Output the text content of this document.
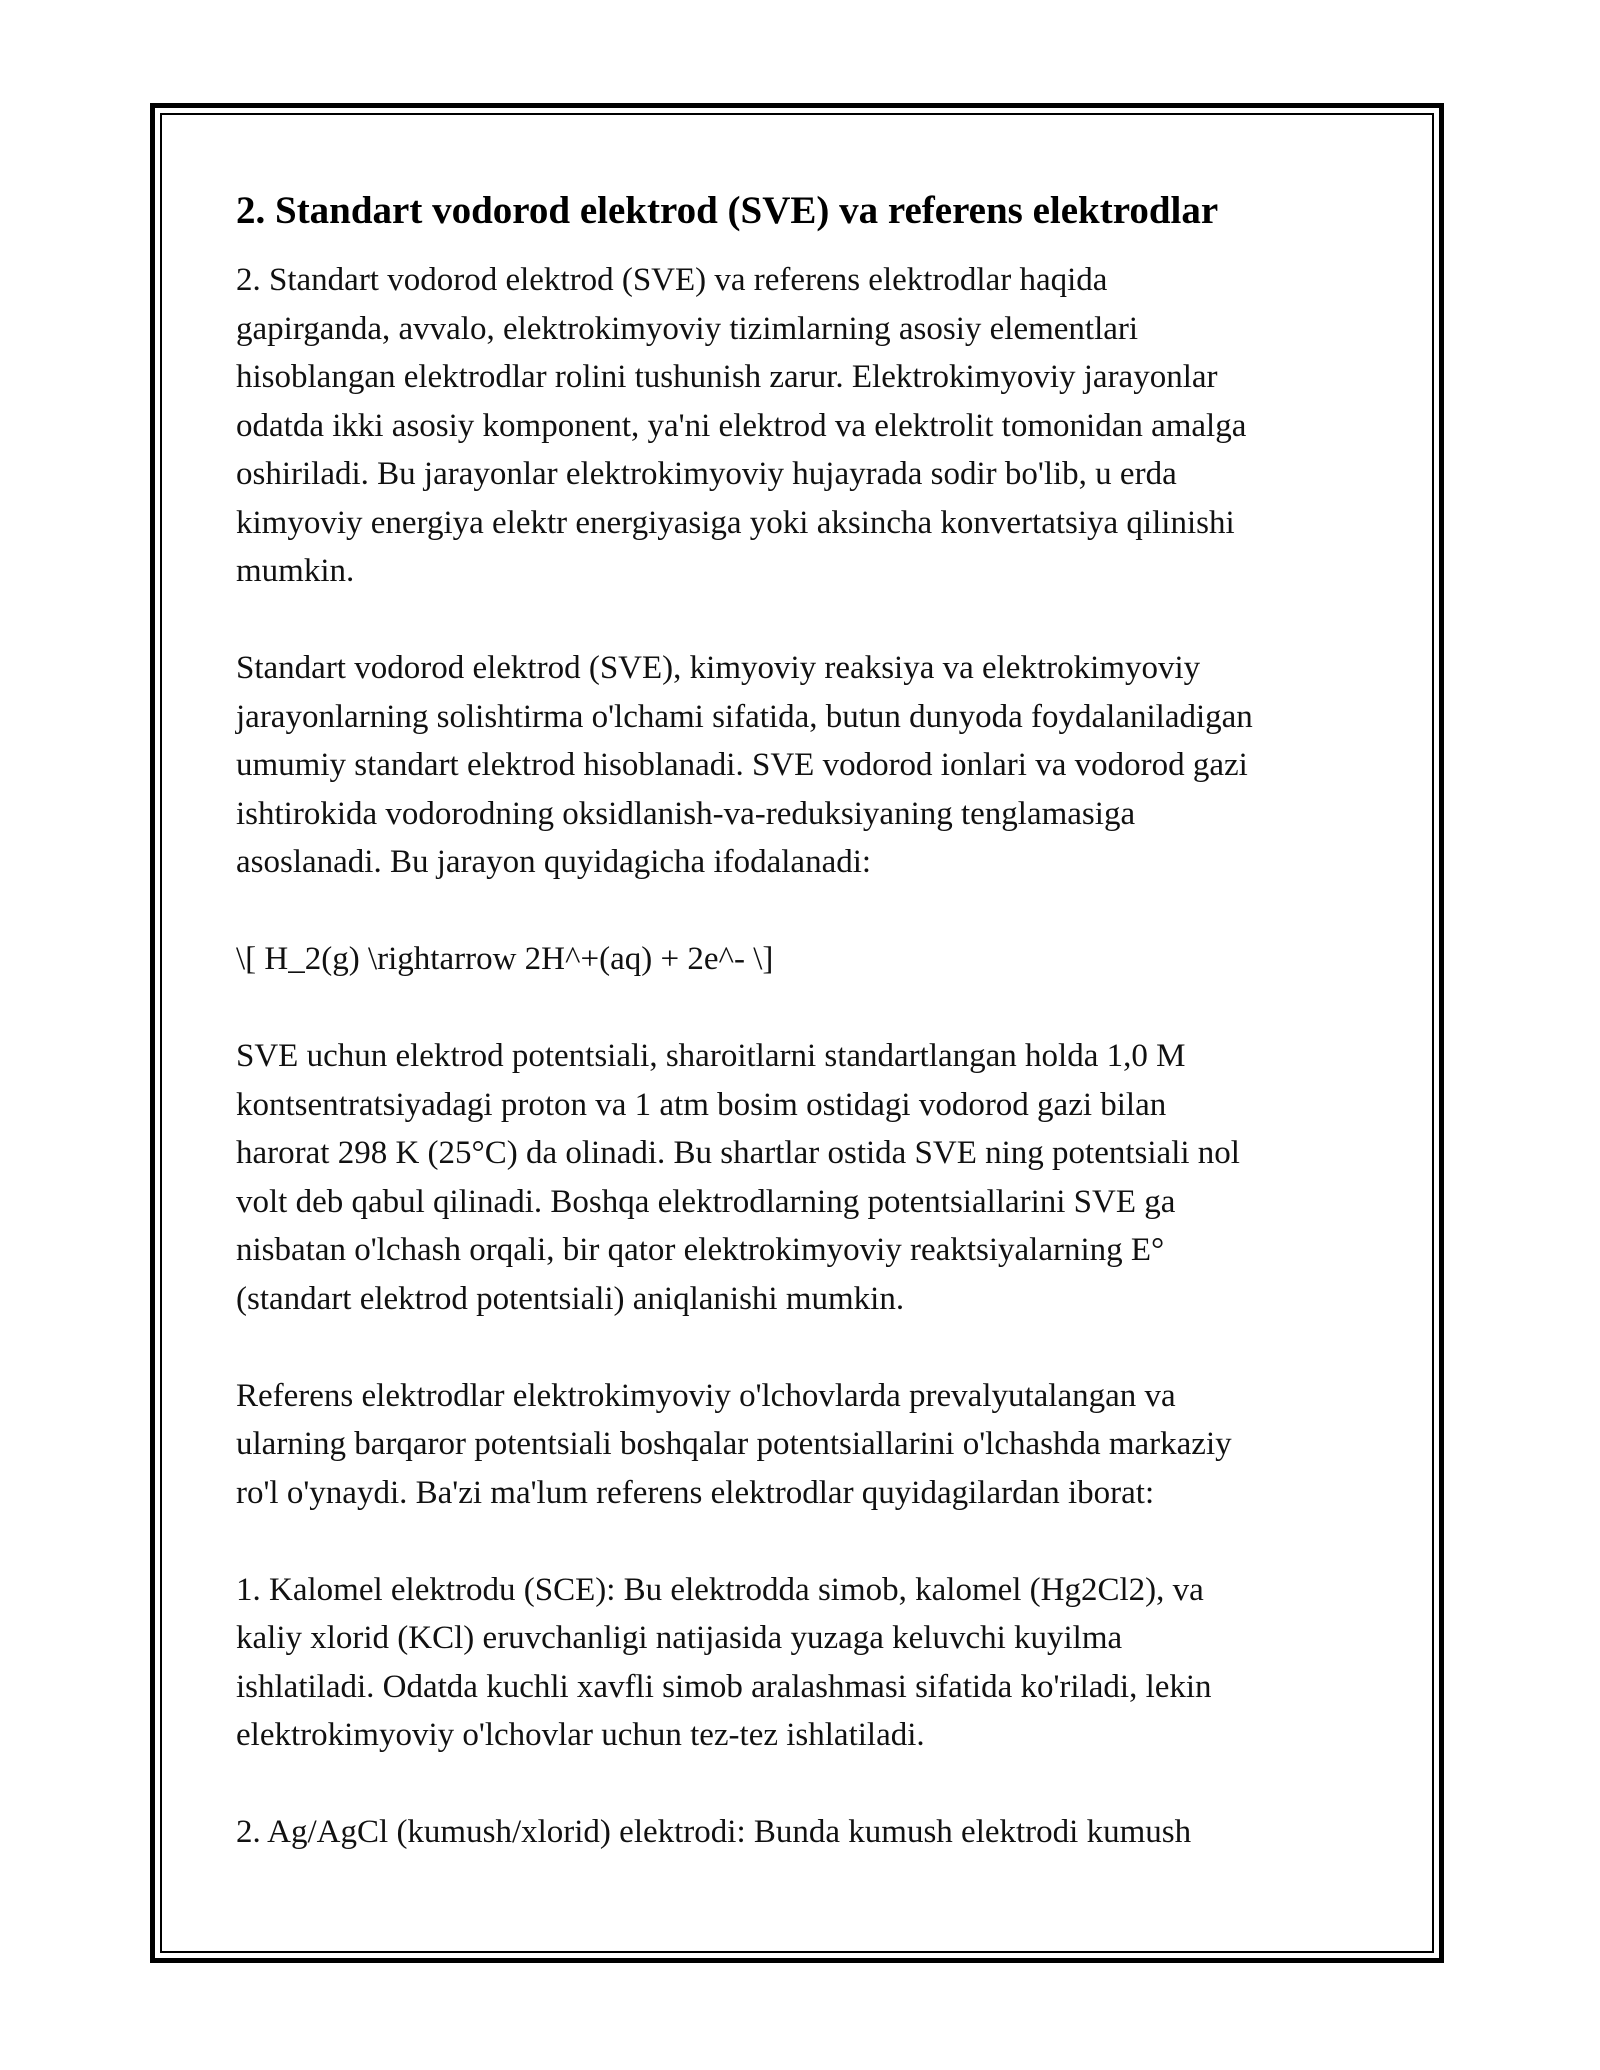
2. Standart vodorod elektrod (SVE) va referens elektrodlar

2. Standart vodorod elektrod (SVE) va referens elektrodlar haqida
gapirganda, avvalo, elektrokimyoviy tizimlarning asosiy elementlari
hisoblangan elektrodlar rolini tushunish zarur. Elektrokimyoviy jarayonlar
odatda ikki asosiy komponent, ya'ni elektrod va elektrolit tomonidan amalga
oshiriladi. Bu jarayonlar elektrokimyoviy hujayrada sodir bo'lib, u erda
kimyoviy energiya elektr energiyasiga yoki aksincha konvertatsiya qilinishi
mumkin.

Standart vodorod elektrod (SVE), kimyoviy reaksiya va elektrokimyoviy
jarayonlarning solishtirma o'lchami sifatida, butun dunyoda foydalaniladigan
umumiy standart elektrod hisoblanadi. SVE vodorod ionlari va vodorod gazi
ishtirokida vodorodning oksidlanish-va-reduksiyaning tenglamasiga
asoslanadi. Bu jarayon quyidagicha ifodalanadi:

\[ H_2(g) \rightarrow 2H^+(aq) + 2e^- \]

SVE uchun elektrod potentsiali, sharoitlarni standartlangan holda 1,0 M
kontsentratsiyadagi proton va 1 atm bosim ostidagi vodorod gazi bilan
harorat 298 K (25°C) da olinadi. Bu shartlar ostida SVE ning potentsiali nol
volt deb qabul qilinadi. Boshqa elektrodlarning potentsiallarini SVE ga
nisbatan o'lchash orqali, bir qator elektrokimyoviy reaktsiyalarning E°
(standart elektrod potentsiali) aniqlanishi mumkin.

Referens elektrodlar elektrokimyoviy o'lchovlarda prevalyutalangan va
ularning barqaror potentsiali boshqalar potentsiallarini o'lchashda markaziy
ro'l o'ynaydi. Ba'zi ma'lum referens elektrodlar quyidagilardan iborat:

1. Kalomel elektrodu (SCE): Bu elektrodda simob, kalomel (Hg2Cl2), va
kaliy xlorid (KCl) eruvchanligi natijasida yuzaga keluvchi kuyilma
ishlatiladi. Odatda kuchli xavfli simob aralashmasi sifatida ko'riladi, lekin
elektrokimyoviy o'lchovlar uchun tez-tez ishlatiladi.

2. Ag/AgCl (kumush/xlorid) elektrodi: Bunda kumush elektrodi kumush
